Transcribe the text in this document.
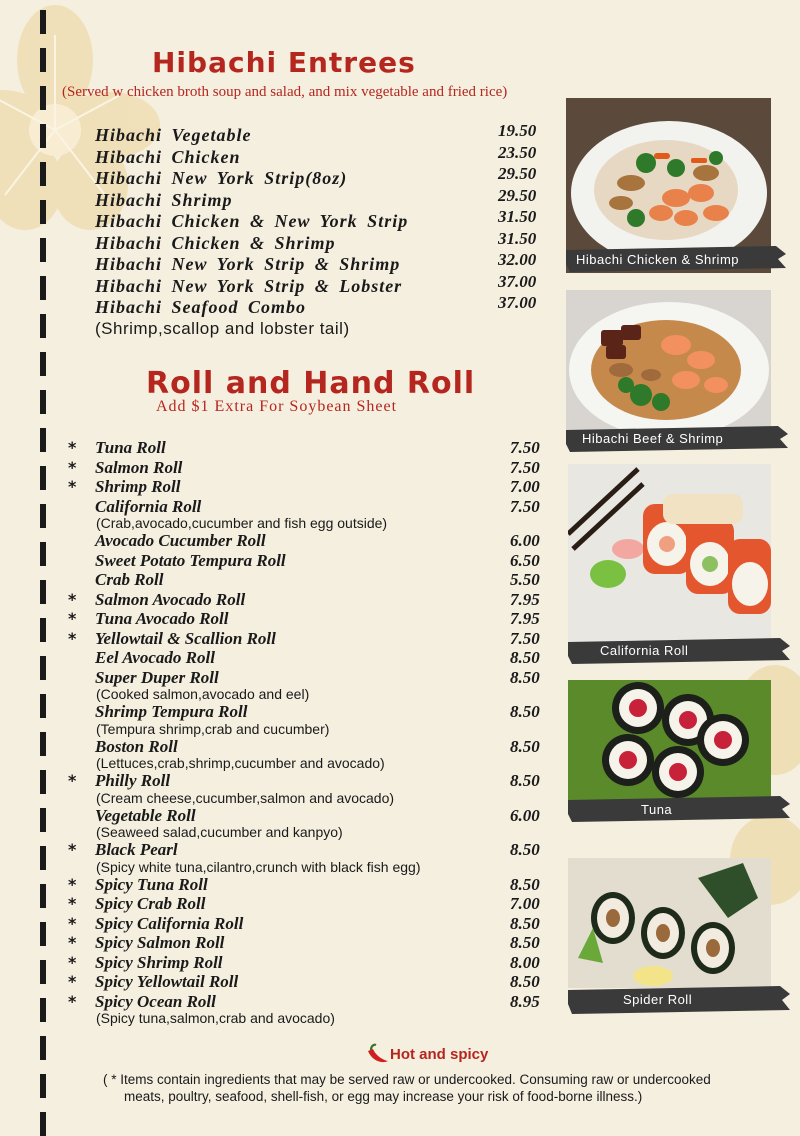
Hibachi Entrees
(Served w chicken broth soup and salad, and mix vegetable and fried rice)
Hibachi Vegetable	19.50
Hibachi Chicken	23.50
Hibachi New York Strip(8oz)	29.50
Hibachi Shrimp	29.50
Hibachi Chicken & New York Strip	31.50
Hibachi Chicken & Shrimp	31.50
Hibachi New York Strip & Shrimp	32.00
Hibachi New York Strip & Lobster	37.00
Hibachi Seafood Combo	37.00
(Shrimp,scallop and lobster tail)
Roll and Hand Roll
Add $1 Extra For Soybean Sheet
* Tuna Roll	7.50
* Salmon Roll	7.50
* Shrimp Roll	7.00
California Roll	7.50
(Crab,avocado,cucumber and fish egg outside)
Avocado Cucumber Roll	6.00
Sweet Potato Tempura Roll	6.50
Crab Roll	5.50
* Salmon Avocado Roll	7.95
* Tuna Avocado Roll	7.95
* Yellowtail & Scallion Roll	7.50
Eel Avocado Roll	8.50
Super Duper Roll	8.50
(Cooked salmon,avocado and eel)
Shrimp Tempura Roll	8.50
(Tempura shrimp,crab and cucumber)
Boston Roll	8.50
(Lettuces,crab,shrimp,cucumber and avocado)
* Philly Roll	8.50
(Cream cheese,cucumber,salmon and avocado)
Vegetable Roll	6.00
(Seaweed salad,cucumber and kanpyo)
* Black Pearl	8.50
(Spicy white tuna,cilantro,crunch with black fish egg)
* Spicy Tuna Roll	8.50
* Spicy Crab Roll	7.00
* Spicy California Roll	8.50
* Spicy Salmon Roll	8.50
* Spicy Shrimp Roll	8.00
* Spicy Yellowtail Roll	8.50
* Spicy Ocean Roll	8.95
(Spicy tuna,salmon,crab and avocado)
Hibachi Chicken & Shrimp
Hibachi Beef & Shrimp
California Roll
Tuna
Spider Roll
Hot and spicy
( * Items contain ingredients that may be served raw or undercooked. Consuming raw or undercooked
meats, poultry, seafood, shell-fish, or egg may increase your risk of food-borne illness.)
